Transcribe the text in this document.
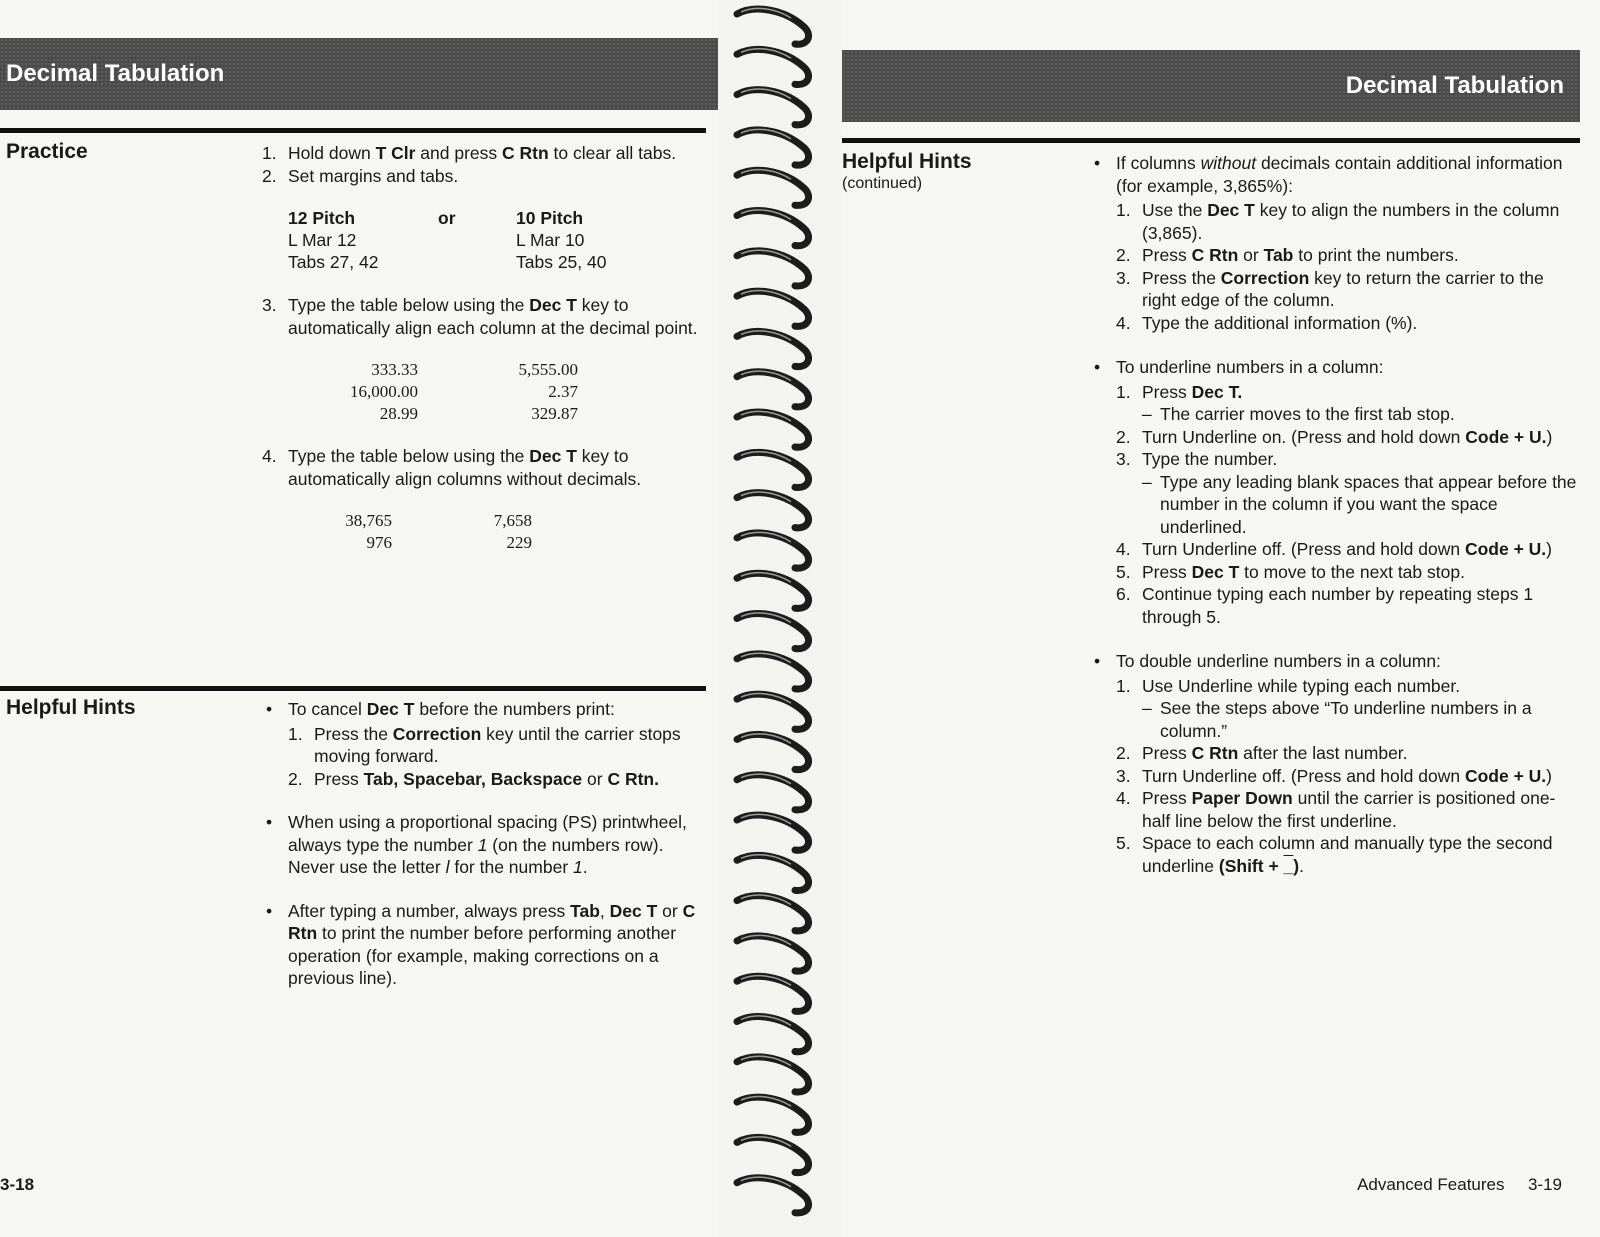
Decimal Tabulation
Practice	1. Hold down T Clr and press C Rtn to clear all tabs.
2. Set margins and tabs.
12 Pitch	or	10 Pitch
L Mar 12		L Mar 10
Tabs 27, 42		Tabs 25, 40
3. Type the table below using the Dec T key to automatically align each column at the decimal point.
333.33	5,555.00
16,000.00	2.37
28.99	329.87
4. Type the table below using the Dec T key to automatically align columns without decimals.
38,765	7,658
976	229
Helpful Hints	• To cancel Dec T before the numbers print:
1. Press the Correction key until the carrier stops moving forward.
2. Press Tab, Spacebar, Backspace or C Rtn.
• When using a proportional spacing (PS) printwheel, always type the number 1 (on the numbers row). Never use the letter l for the number 1.
• After typing a number, always press Tab, Dec T or C Rtn to print the number before performing another operation (for example, making corrections on a previous line).
3-18
Decimal Tabulation
Helpful Hints
(continued)
• If columns without decimals contain additional information (for example, 3,865%):
1. Use the Dec T key to align the numbers in the column (3,865).
2. Press C Rtn or Tab to print the numbers.
3. Press the Correction key to return the carrier to the right edge of the column.
4. Type the additional information (%).
• To underline numbers in a column:
1. Press Dec T.
– The carrier moves to the first tab stop.
2. Turn Underline on. (Press and hold down Code + U.)
3. Type the number.
– Type any leading blank spaces that appear before the number in the column if you want the space underlined.
4. Turn Underline off. (Press and hold down Code + U.)
5. Press Dec T to move to the next tab stop.
6. Continue typing each number by repeating steps 1 through 5.
• To double underline numbers in a column:
1. Use Underline while typing each number.
– See the steps above “To underline numbers in a column.”
2. Press C Rtn after the last number.
3. Turn Underline off. (Press and hold down Code + U.)
4. Press Paper Down until the carrier is positioned one-half line below the first underline.
5. Space to each column and manually type the second underline (Shift + _).
Advanced Features 3-19
